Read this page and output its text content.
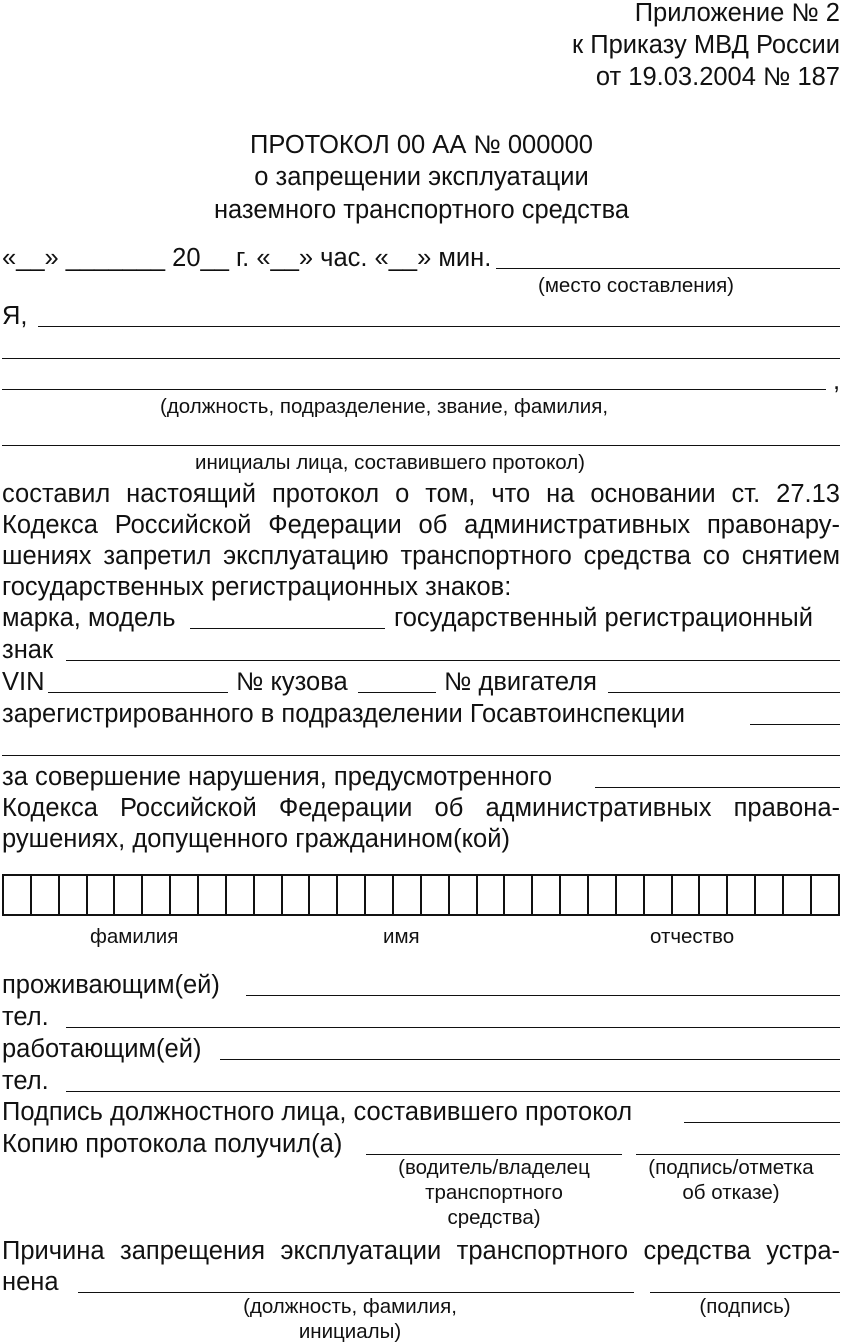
Приложение № 2
к Приказу МВД России
от 19.03.2004 № 187
ПРОТОКОЛ 00 АА № 000000
о запрещении эксплуатации
наземного транспортного средства
«__» _______ 20__ г. «__» час. «__» мин.
(место составления)
Я,
,
(должность, подразделение, звание, фамилия,
инициалы лица, составившего протокол)
составил настоящий протокол о том, что на основании ст. 27.13
Кодекса Российской Федерации об административных правонару-
шениях запретил эксплуатацию транспортного средства со снятием
государственных регистрационных знаков:
марка, модель	государственный регистрационный
знак
VIN	№ кузова	№ двигателя
зарегистрированного в подразделении Госавтоинспекции
за совершение нарушения, предусмотренного
Кодекса Российской Федерации об административных правона-
рушениях, допущенного гражданином(кой)
фамилия	имя	отчество
проживающим(ей)
тел.
работающим(ей)
тел.
Подпись должностного лица, составившего протокол
Копию протокола получил(а)
(водитель/владелец
транспортного
средства)
(подпись/отметка
об отказе)
Причина запрещения эксплуатации транспортного средства устра-
нена
(должность, фамилия,
инициалы)
(подпись)
